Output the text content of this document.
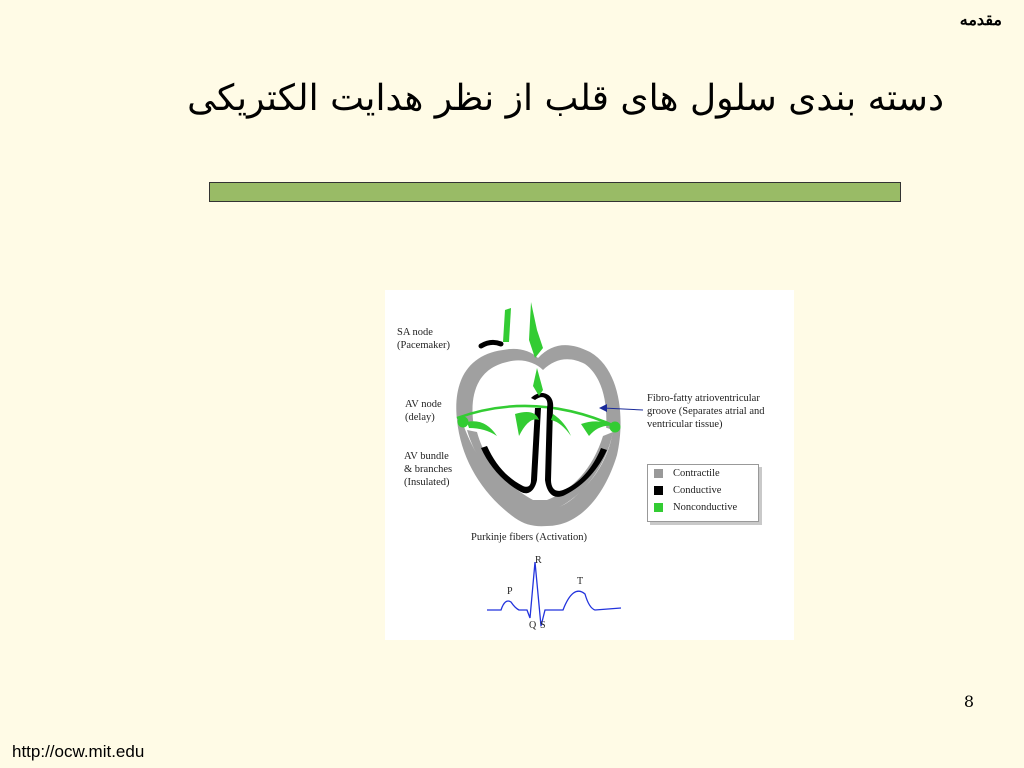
مقدمه
دسته بندی سلول های قلب از نظر هدایت الکتریکی
SA node
(Pacemaker)
AV node
(delay)
AV bundle
& branches
(Insulated)
Fibro-fatty atrioventricular
groove (Separates atrial and
ventricular tissue)
Purkinje fibers (Activation)
Contractile
Conductive
Nonconductive
R
P
T
Q S
8
http://ocw.mit.edu
